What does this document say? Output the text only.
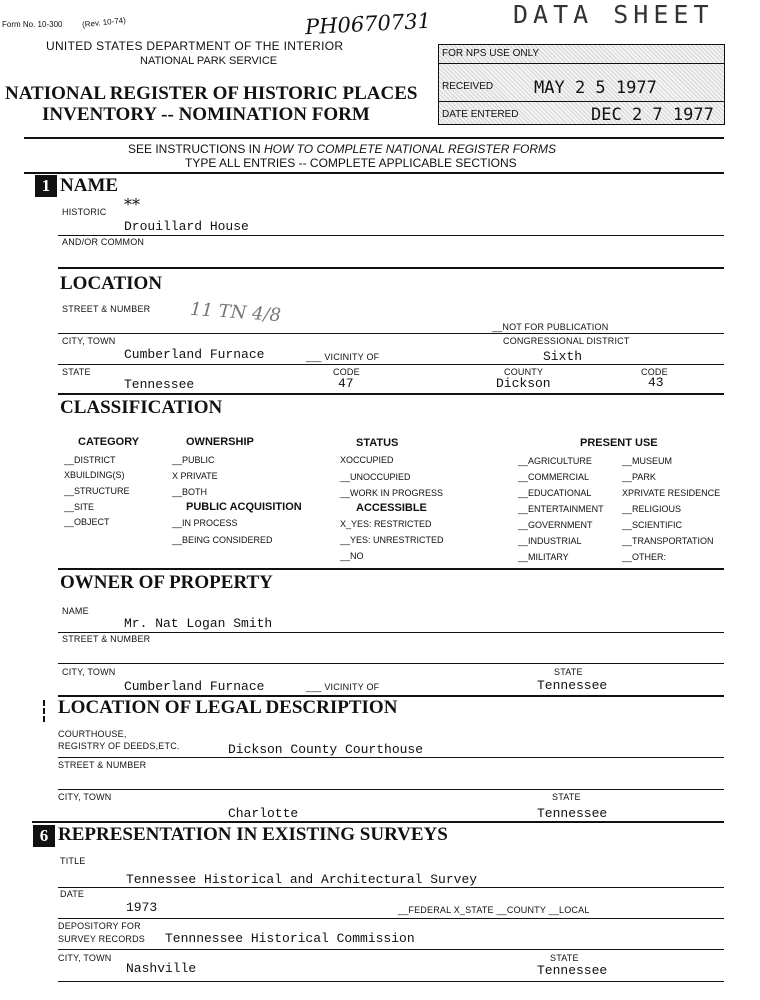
Form No. 10-300 (Rev. 10-74)	PH0670731	DATA SHEET
UNITED STATES DEPARTMENT OF THE INTERIOR
NATIONAL PARK SERVICE
NATIONAL REGISTER OF HISTORIC PLACES
INVENTORY -- NOMINATION FORM
FOR NPS USE ONLY
RECEIVED MAY 2 5 1977
DATE ENTERED	DEC 2 7 1977
SEE INSTRUCTIONS IN HOW TO COMPLETE NATIONAL REGISTER FORMS
TYPE ALL ENTRIES -- COMPLETE APPLICABLE SECTIONS
1 NAME
HISTORIC **
Drouillard House
AND/OR COMMON
LOCATION
STREET & NUMBER 11 TN 4/8
__NOT FOR PUBLICATION
CITY, TOWN	CONGRESSIONAL DISTRICT
Cumberland Furnace	___ VICINITY OF	Sixth
STATE	CODE	COUNTY	CODE
Tennessee	47	Dickson	43
CLASSIFICATION
CATEGORY
__DISTRICT
XBUILDING(S)
__STRUCTURE
__SITE
__OBJECT
OWNERSHIP
__PUBLIC
X PRIVATE
__BOTH
PUBLIC ACQUISITION
__IN PROCESS
__BEING CONSIDERED
STATUS
XOCCUPIED
__UNOCCUPIED
__WORK IN PROGRESS
ACCESSIBLE
X_YES: RESTRICTED
__YES: UNRESTRICTED
__NO
PRESENT USE
__AGRICULTURE
__COMMERCIAL
__EDUCATIONAL
__ENTERTAINMENT
__GOVERNMENT
__INDUSTRIAL
__MILITARY
__MUSEUM
__PARK
XPRIVATE RESIDENCE
__RELIGIOUS
__SCIENTIFIC
__TRANSPORTATION
__OTHER:
OWNER OF PROPERTY
NAME
Mr. Nat Logan Smith
STREET & NUMBER
CITY, TOWN	STATE
Cumberland Furnace	___ VICINITY OF	Tennessee
LOCATION OF LEGAL DESCRIPTION
COURTHOUSE,
REGISTRY OF DEEDS,ETC.	Dickson County Courthouse
STREET & NUMBER
CITY, TOWN	STATE
Charlotte	Tennessee
6 REPRESENTATION IN EXISTING SURVEYS
TITLE
Tennessee Historical and Architectural Survey
DATE
1973	__FEDERAL X_STATE __COUNTY __LOCAL
DEPOSITORY FOR
SURVEY RECORDS Tennnessee Historical Commission
CITY, TOWN	STATE
Nashville	Tennessee
